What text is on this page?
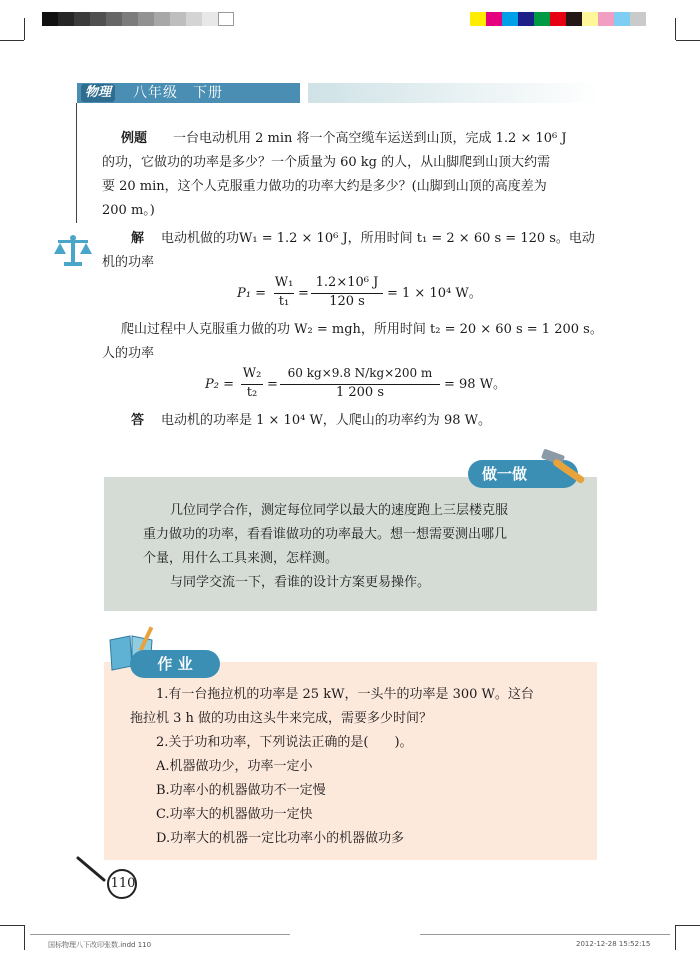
物理 八年级　下册
例题 一台电动机用 2 min 将一个高空缆车运送到山顶，完成 1.2 × 10⁶ J
的功，它做功的功率是多少？一个质量为 60 kg 的人，从山脚爬到山顶大约需
要 20 min，这个人克服重力做功的功率大约是多少？(山脚到山顶的高度差为
200 m。)
解 电动机做的功W₁ = 1.2 × 10⁶ J，所用时间 t₁ = 2 × 60 s = 120 s。电动
机的功率
P₁ =
W₁
t₁
=
1.2×10⁶ J
120 s
= 1 × 10⁴ W。
爬山过程中人克服重力做的功 W₂ = mgh，所用时间 t₂ = 20 × 60 s = 1 200 s。
人的功率
P₂ =
W₂
t₂
=
60 kg×9.8 N/kg×200 m
1 200 s
= 98 W。
答 电动机的功率是 1 × 10⁴ W，人爬山的功率约为 98 W。
做一做
几位同学合作，测定每位同学以最大的速度跑上三层楼克服
重力做功的功率，看看谁做功的功率最大。想一想需要测出哪几
个量，用什么工具来测，怎样测。
与同学交流一下，看谁的设计方案更易操作。
作 业
1.有一台拖拉机的功率是 25 kW，一头牛的功率是 300 W。这台
拖拉机 3 h 做的功由这头牛来完成，需要多少时间？
2.关于功和功率，下列说法正确的是(　　)。
A.机器做功少，功率一定小
B.功率小的机器做功不一定慢
C.功率大的机器做功一定快
D.功率大的机器一定比功率小的机器做功多
110
国标物理八下改印张数.indd 110	2012-12-28 15:52:15
